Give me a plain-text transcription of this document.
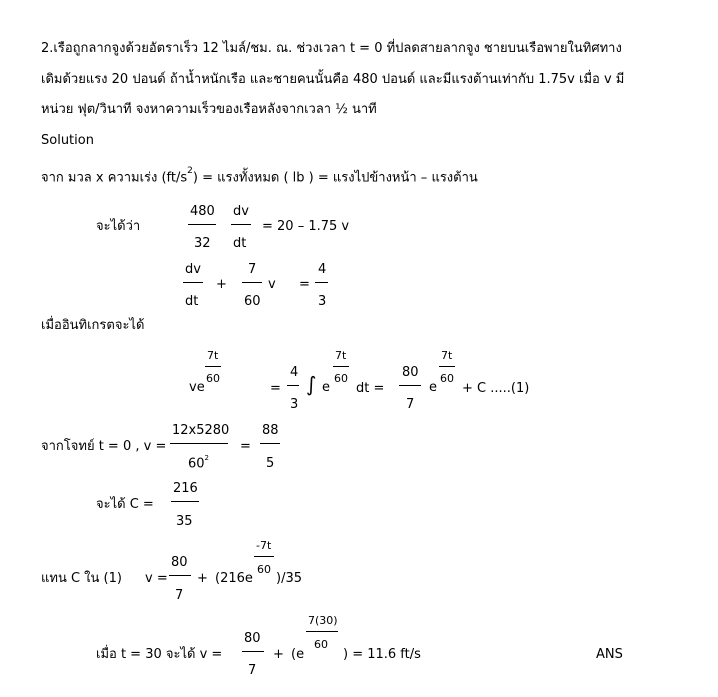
2.เรือถูกลากจูงด้วยอัตราเร็ว 12 ไมล์/ชม. ณ. ช่วงเวลา t = 0 ที่ปลดสายลากจูง ชายบนเรือพายในทิศทาง
เดิมด้วยแรง 20 ปอนด์ ถ้าน้ำหนักเรือ และชายคนนั้นคือ 480 ปอนด์ และมีแรงต้านเท่ากับ 1.75v เมื่อ v มี
หน่วย ฟุต/วินาที จงหาความเร็วของเรือหลังจากเวลา ½ นาที
Solution
จาก มวล x ความเร่ง $(ft/s^2)$ = แรงทั้งหมด ( lb ) = แรงไปข้างหน้า – แรงต้าน
จะได้ว่า
480
32
dv
dt
= 20 – 1.75 v
dv
dt
+
7
60
v =
4
3
เมื่ออินทิเกรตจะได้
ve
7t
60
=
4
3
∫ e
7t
60
dt =
80
7
e
7t
60
+ C .....(1)
จากโจทย์ t = 0 , v =
12x5280
$60^2$
=
88
5
จะได้ C =
216
35
แทน C ใน (1) v =
80
7
+ (216e
-7t
60
)/35
เมื่อ t = 30 จะได้ v =
80
7
+ (e
7(30)
60
) = 11.6 ft/s	ANS
